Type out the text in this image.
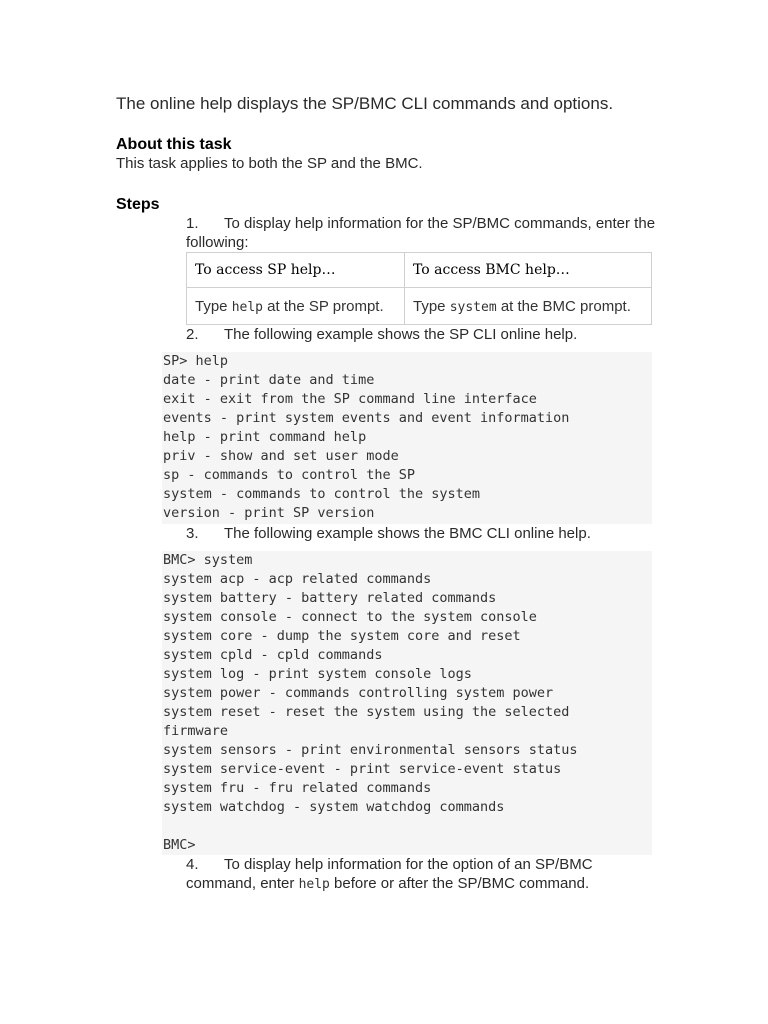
The online help displays the SP/BMC CLI commands and options.

About this task

This task applies to both the SP and the BMC.

Steps

1. To display help information for the SP/BMC commands, enter the following:

To access SP help…	To access BMC help…
Type help at the SP prompt.	Type system at the BMC prompt.

2. The following example shows the SP CLI online help.

SP> help
date - print date and time
exit - exit from the SP command line interface
events - print system events and event information
help - print command help
priv - show and set user mode
sp - commands to control the SP
system - commands to control the system
version - print SP version

3. The following example shows the BMC CLI online help.

BMC> system
system acp - acp related commands
system battery - battery related commands
system console - connect to the system console
system core - dump the system core and reset
system cpld - cpld commands
system log - print system console logs
system power - commands controlling system power
system reset - reset the system using the selected
firmware
system sensors - print environmental sensors status
system service-event - print service-event status
system fru - fru related commands
system watchdog - system watchdog commands
BMC>

4. To display help information for the option of an SP/BMC command, enter help before or after the SP/BMC command.
